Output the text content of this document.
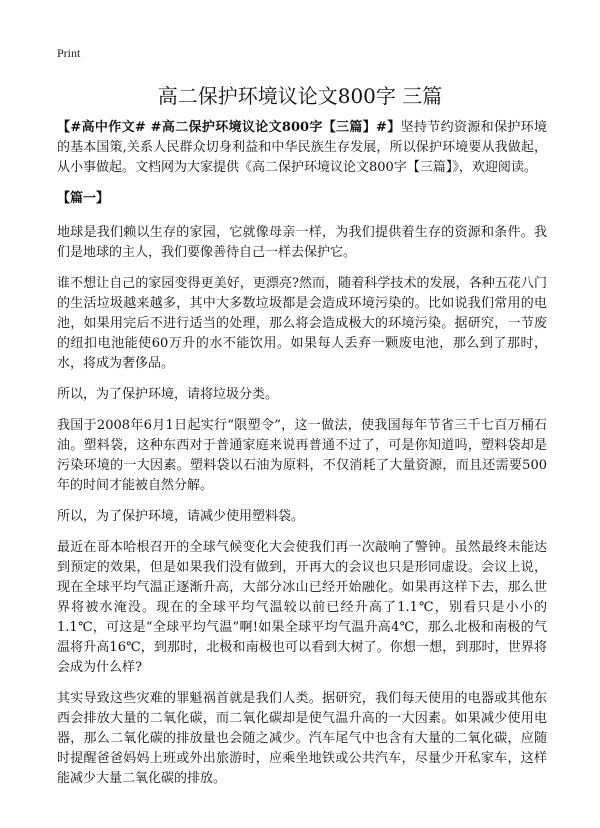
Print
高二保护环境议论文800字 三篇

【#高中作文# #高二保护环境议论文800字【三篇】#】坚持节约资源和保护环境的基本国策,关系人民群众切身利益和中华民族生存发展，所以保护环境要从我做起，从小事做起。文档网为大家提供《高二保护环境议论文800字【三篇】》，欢迎阅读。

【篇一】

地球是我们赖以生存的家园，它就像母亲一样，为我们提供着生存的资源和条件。我们是地球的主人，我们要像善待自己一样去保护它。

谁不想让自己的家园变得更美好，更漂亮?然而，随着科学技术的发展，各种五花八门的生活垃圾越来越多，其中大多数垃圾都是会造成环境污染的。比如说我们常用的电池，如果用完后不进行适当的处理，那么将会造成极大的环境污染。据研究，一节废的纽扣电池能使60万升的水不能饮用。如果每人丢弃一颗废电池，那么到了那时，水，将成为奢侈品。

所以，为了保护环境，请将垃圾分类。

我国于2008年6月1日起实行“限塑令”，这一做法，使我国每年节省三千七百万桶石油。塑料袋，这种东西对于普通家庭来说再普通不过了，可是你知道吗，塑料袋却是污染环境的一大因素。塑料袋以石油为原料，不仅消耗了大量资源，而且还需要500年的时间才能被自然分解。

所以，为了保护环境，请减少使用塑料袋。

最近在哥本哈根召开的全球气候变化大会使我们再一次敲响了警钟。虽然最终未能达到预定的效果，但是如果我们没有做到，开再大的会议也只是形同虚设。会议上说，现在全球平均气温正逐渐升高，大部分冰山已经开始融化。如果再这样下去，那么世界将被水淹没。现在的全球平均气温较以前已经升高了1.1℃，别看只是小小的1.1℃，可这是“全球平均气温”啊!如果全球平均气温升高4℃，那么北极和南极的气温将升高16℃，到那时，北极和南极也可以看到大树了。你想一想，到那时，世界将会成为什么样?

其实导致这些灾难的罪魁祸首就是我们人类。据研究，我们每天使用的电器或其他东西会排放大量的二氧化碳，而二氧化碳却是使气温升高的一大因素。如果减少使用电器，那么二氧化碳的排放量也会随之减少。汽车尾气中也含有大量的二氧化碳，应随时提醒爸爸妈妈上班或外出旅游时，应乘坐地铁或公共汽车，尽量少开私家车，这样能减少大量二氧化碳的排放。
